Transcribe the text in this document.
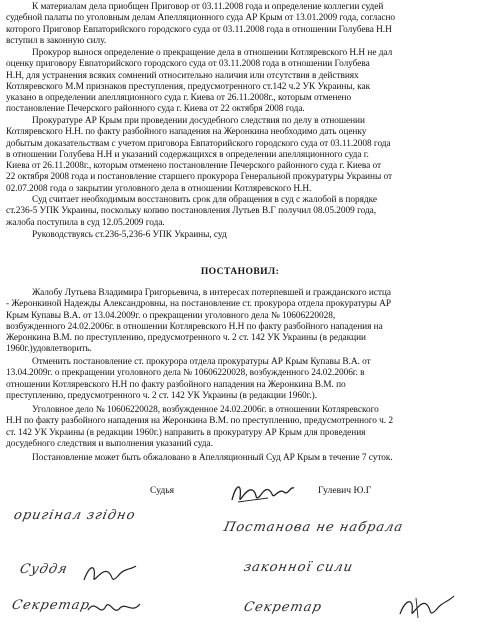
К материалам дела приобщен Приговор от 03.11.2008 года и определение коллегии судей
судебной палаты по уголовным делам Апелляционного суда АР Крым от 13.01.2009 года, согласно
которого Приговор Евпаторийского городского суда от 03.11.2008 года в отношении Голубева Н.Н
вступил в законную силу.
Прокурор вынося определение о прекращение дела в отношении Котляревского Н.Н не дал
оценку приговору Евпаторийского городского суда от 03.11.2008 года в отношении Голубева
Н.Н, для устранения всяких сомнений относительно наличия или отсутствия в действиях
Котляревского М.М признаков преступления, предусмотренного ст.142 ч.2 УК Украины, как
указано в определении апелляционного суда г. Киева от 26.11.2008г., которым отменено
постановление Печерского районного суда г. Киева от 22 октября 2008 года.
Прокуратуре АР Крым при проведении досудебного следствия по делу в отношении
Котляревского Н.Н. по факту разбойного нападения на Жеронкина необходимо дать оценку
добытым доказательствам с учетом приговора Евпаторийского городского суда от 03.11.2008 года
в отношении Голубева Н.Н и указаний содержащихся в определении апелляционного суда г.
Киева от 26.11.2008г., которым отменено постановление Печерского районного суда г. Киева от
22 октября 2008 года и постановление старшего прокурора Генеральной прокуратуры Украины от
02.07.2008 года о закрытии уголовного дела в отношении Котляревского Н.Н.
Суд считает необходимым восстановить срок для обращения в суд с жалобой в порядке
ст.236-5 УПК Украины, поскольку копию постановления Лутьев В.Г получил 08.05.2009 года,
жалоба поступила в суд 12.05.2009 года.
Руководствуясь ст.236-5,236-6 УПК Украины, суд
ПОСТАНОВИЛ:
Жалобу Лутьева Владимира Григорьевича, в интересах потерпевшей и гражданского истца
- Жеронкиной Надежды Александровны, на постановление ст. прокурора отдела прокуратуры АР
Крым Купавы В.А. от 13.04.2009г. о прекращении уголовного дела № 10606220028,
возбужденного 24.02.2006г. в отношении Котляревского Н.Н по факту разбойного нападения на
Жеронкина В.М. по преступлению, предусмотренного ч. 2 ст. 142 УК Украины (в редакции
1960г.)удовлетворить.
Отменить постановление ст. прокурора отдела прокуратуры АР Крым Купавы В.А. от
13.04.2009г. о прекращении уголовного дела № 10606220028, возбужденного 24.02.2006г. в
отношении Котляревского Н.Н по факту разбойного нападения на Жеронкина В.М. по
преступлению, предусмотренного ч. 2 ст. 142 УК Украины (в редакции 1960г.).
Уголовное дело № 10606220028, возбужденное 24.02.2006г. в отношении Котляревского
Н.Н по факту разбойного нападения на Жеронкина В.М. по преступлению, предусмотренного ч. 2
ст. 142 УК Украины (в редакции 1960г.) направить в прокуратуру АР Крым для проведения
досудебного следствия и выполнения указаний суда.
Постановление может быть обжаловано в Апелляционный Суд АР Крым в течение 7 суток.
Судья	Гулевич Ю.Г
оригінал згідно
Суддя
Секретар
Постанова не набрала
законної сили
Секретар
